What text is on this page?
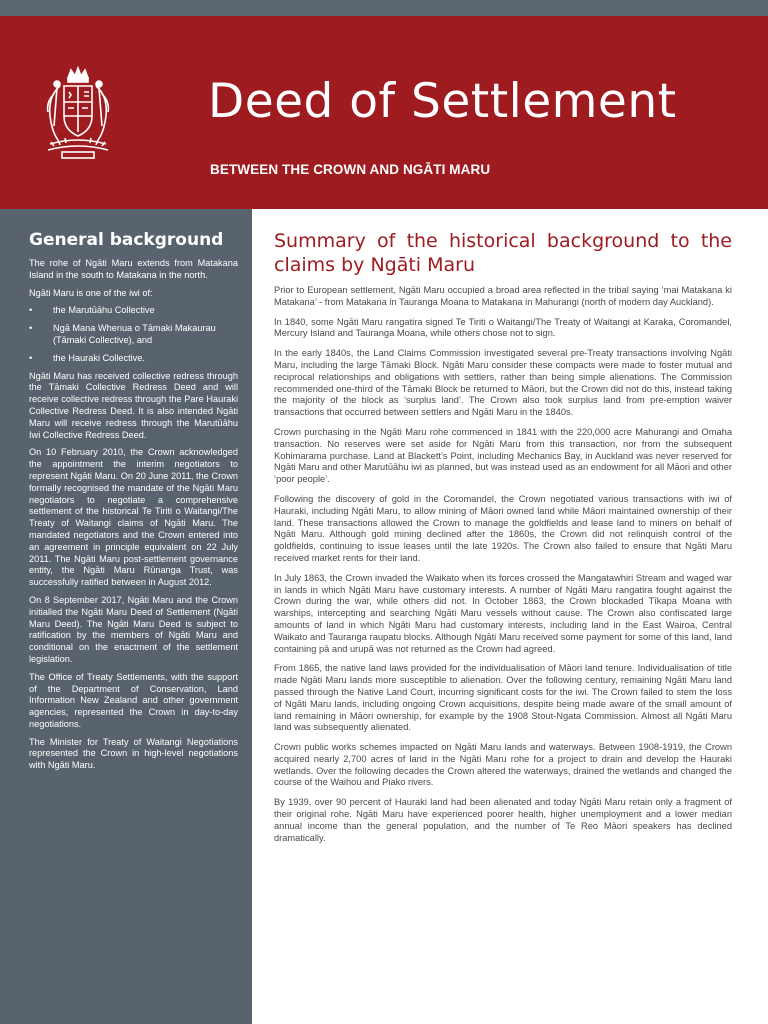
Deed of Settlement
BETWEEN THE CROWN AND NGĀTI MARU
General background

The rohe of Ngāti Maru extends from Matakana Island in the south to Matakana in the north.

Ngāti Maru is one of the iwi of:

• the Marutūāhu Collective
• Ngā Mana Whenua o Tāmaki Makaurau (Tāmaki Collective), and
• the Hauraki Collective.

Ngāti Maru has received collective redress through the Tāmaki Collective Redress Deed and will receive collective redress through the Pare Hauraki Collective Redress Deed. It is also intended Ngāti Maru will receive redress through the Marutūāhu Iwi Collective Redress Deed.

On 10 February 2010, the Crown acknowledged the appointment the interim negotiators to represent Ngāti Maru. On 20 June 2011, the Crown formally recognised the mandate of the Ngāti Maru negotiators to negotiate a comprehensive settlement of the historical Te Tiriti o Waitangi/The Treaty of Waitangi claims of Ngāti Maru. The mandated negotiators and the Crown entered into an agreement in principle equivalent on 22 July 2011. The Ngāti Maru post-settlement governance entity, the Ngāti Maru Rūnanga Trust, was successfully ratified between in August 2012.

On 8 September 2017, Ngāti Maru and the Crown initialled the Ngāti Maru Deed of Settlement (Ngāti Maru Deed). The Ngāti Maru Deed is subject to ratification by the members of Ngāti Maru and conditional on the enactment of the settlement legislation.

The Office of Treaty Settlements, with the support of the Department of Conservation, Land Information New Zealand and other government agencies, represented the Crown in day-to-day negotiations.

The Minister for Treaty of Waitangi Negotiations represented the Crown in high-level negotiations with Ngāti Maru.

Summary of the historical background to the claims by Ngāti Maru

Prior to European settlement, Ngāti Maru occupied a broad area reflected in the tribal saying ‘mai Matakana ki Matakana’ - from Matakana in Tauranga Moana to Matakana in Mahurangi (north of modern day Auckland).

In 1840, some Ngāti Maru rangatira signed Te Tiriti o Waitangi/The Treaty of Waitangi at Karaka, Coromandel, Mercury Island and Tauranga Moana, while others chose not to sign.

In the early 1840s, the Land Claims Commission investigated several pre-Treaty transactions involving Ngāti Maru, including the large Tāmaki Block. Ngāti Maru consider these compacts were made to foster mutual and reciprocal relationships and obligations with settlers, rather than being simple alienations. The Commission recommended one-third of the Tāmaki Block be returned to Māori, but the Crown did not do this, instead taking the majority of the block as ‘surplus land’. The Crown also took surplus land from pre-emption waiver transactions that occurred between settlers and Ngāti Maru in the 1840s.

Crown purchasing in the Ngāti Maru rohe commenced in 1841 with the 220,000 acre Mahurangi and Omaha transaction. No reserves were set aside for Ngāti Maru from this transaction, nor from the subsequent Kohimarama purchase. Land at Blackett’s Point, including Mechanics Bay, in Auckland was never reserved for Ngāti Maru and other Marutūāhu iwi as planned, but was instead used as an endowment for all Māori and other ‘poor people’.

Following the discovery of gold in the Coromandel, the Crown negotiated various transactions with iwi of Hauraki, including Ngāti Maru, to allow mining of Māori owned land while Māori maintained ownership of their land. These transactions allowed the Crown to manage the goldfields and lease land to miners on behalf of Ngāti Maru. Although gold mining declined after the 1860s, the Crown did not relinquish control of the goldfields, continuing to issue leases until the late 1920s. The Crown also failed to ensure that Ngāti Maru received market rents for their land.

In July 1863, the Crown invaded the Waikato when its forces crossed the Mangatawhiri Stream and waged war in lands in which Ngāti Maru have customary interests. A number of Ngāti Maru rangatira fought against the Crown during the war, while others did not. In October 1863, the Crown blockaded Tīkapa Moana with warships, intercepting and searching Ngāti Maru vessels without cause. The Crown also confiscated large amounts of land in which Ngāti Maru had customary interests, including land in the East Wairoa, Central Waikato and Tauranga raupatu blocks. Although Ngāti Maru received some payment for some of this land, land containing pā and urupā was not returned as the Crown had agreed.

From 1865, the native land laws provided for the individualisation of Māori land tenure. Individualisation of title made Ngāti Maru lands more susceptible to alienation. Over the following century, remaining Ngāti Maru land passed through the Native Land Court, incurring significant costs for the iwi. The Crown failed to stem the loss of Ngāti Maru lands, including ongoing Crown acquisitions, despite being made aware of the small amount of land remaining in Māori ownership, for example by the 1908 Stout-Ngata Commission. Almost all Ngāti Maru land was subsequently alienated.

Crown public works schemes impacted on Ngāti Maru lands and waterways. Between 1908-1919, the Crown acquired nearly 2,700 acres of land in the Ngāti Maru rohe for a project to drain and develop the Hauraki wetlands. Over the following decades the Crown altered the waterways, drained the wetlands and changed the course of the Waihou and Piako rivers.

By 1939, over 90 percent of Hauraki land had been alienated and today Ngāti Maru retain only a fragment of their original rohe. Ngāti Maru have experienced poorer health, higher unemployment and a lower median annual income than the general population, and the number of Te Reo Māori speakers has declined dramatically.
